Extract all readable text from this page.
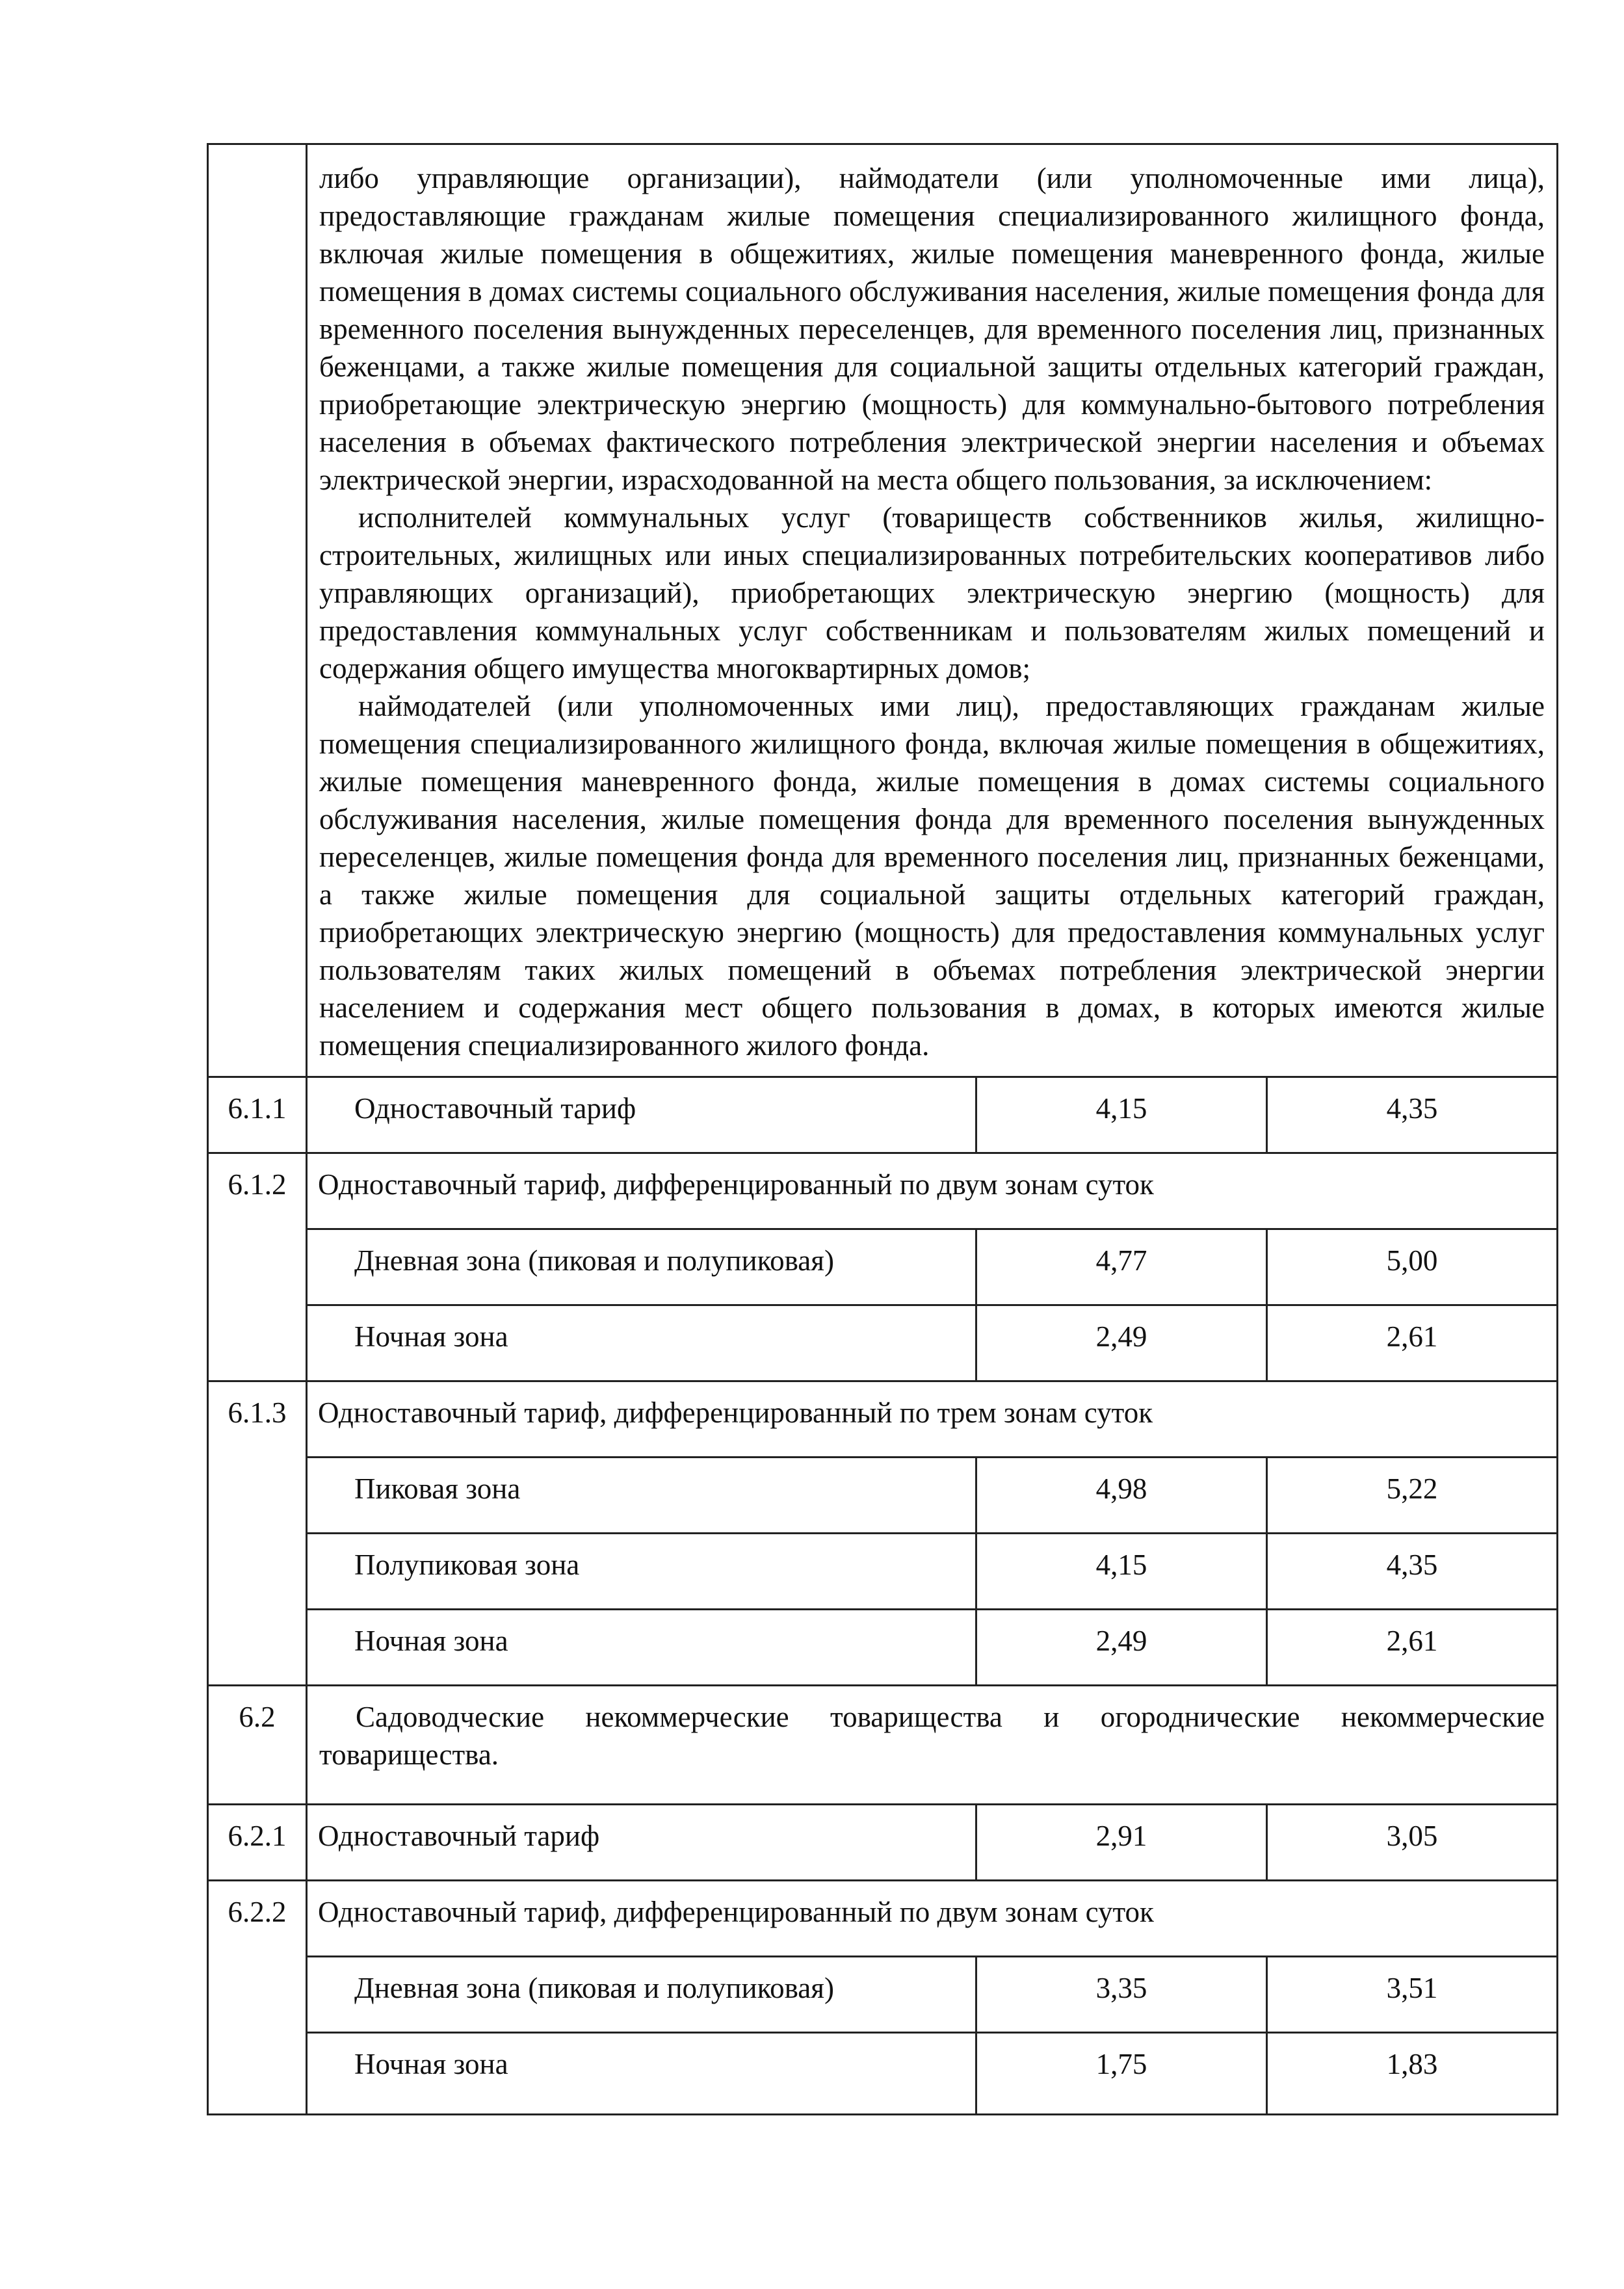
	либо управляющие организации), наймодатели (или уполномоченные ими лица), предоставляющие гражданам жилые помещения специализированного жилищного фонда, включая жилые помещения в общежитиях, жилые помещения маневренного фонда, жилые помещения в домах системы социального обслуживания населения, жилые помещения фонда для временного поселения вынужденных переселенцев, для временного поселения лиц, признанных беженцами, а также жилые помещения для социальной защиты отдельных категорий граждан, приобретающие электрическую энергию (мощность) для коммунально-бытового потребления населения в объемах фактического потребления электрической энергии населения и объемах электрической энергии, израсходованной на места общего пользования, за исключением:

исполнителей коммунальных услуг (товариществ собственников жилья, жилищно-строительных, жилищных или иных специализированных потребительских кооперативов либо управляющих организаций), приобретающих электрическую энергию (мощность) для предоставления коммунальных услуг собственникам и пользователям жилых помещений и содержания общего имущества многоквартирных домов;

наймодателей (или уполномоченных ими лиц), предоставляющих гражданам жилые помещения специализированного жилищного фонда, включая жилые помещения в общежитиях, жилые помещения маневренного фонда, жилые помещения в домах системы социального обслуживания населения, жилые помещения фонда для временного поселения вынужденных переселенцев, жилые помещения фонда для временного поселения лиц, признанных беженцами, а также жилые помещения для социальной защиты отдельных категорий граждан, приобретающих электрическую энергию (мощность) для предоставления коммунальных услуг пользователям таких жилых помещений в объемах потребления электрической энергии населением и содержания мест общего пользования в домах, в которых имеются жилые помещения специализированного жилого фонда.		

6.1.1	Одноставочный тариф	4,15	4,35
6.1.2	Одноставочный тариф, дифференцированный по двум зонам суток		
	Дневная зона (пиковая и полупиковая)	4,77	5,00
	Ночная зона	2,49	2,61
6.1.3	Одноставочный тариф, дифференцированный по трем зонам суток		
	Пиковая зона	4,98	5,22
	Полупиковая зона	4,15	4,35
	Ночная зона	2,49	2,61
6.2	Садоводческие некоммерческие товарищества и огороднические некоммерческие товарищества.		

6.2.1	Одноставочный тариф	2,91	3,05
6.2.2	Одноставочный тариф, дифференцированный по двум зонам суток		
	Дневная зона (пиковая и полупиковая)	3,35	3,51
	Ночная зона	1,75	1,83
